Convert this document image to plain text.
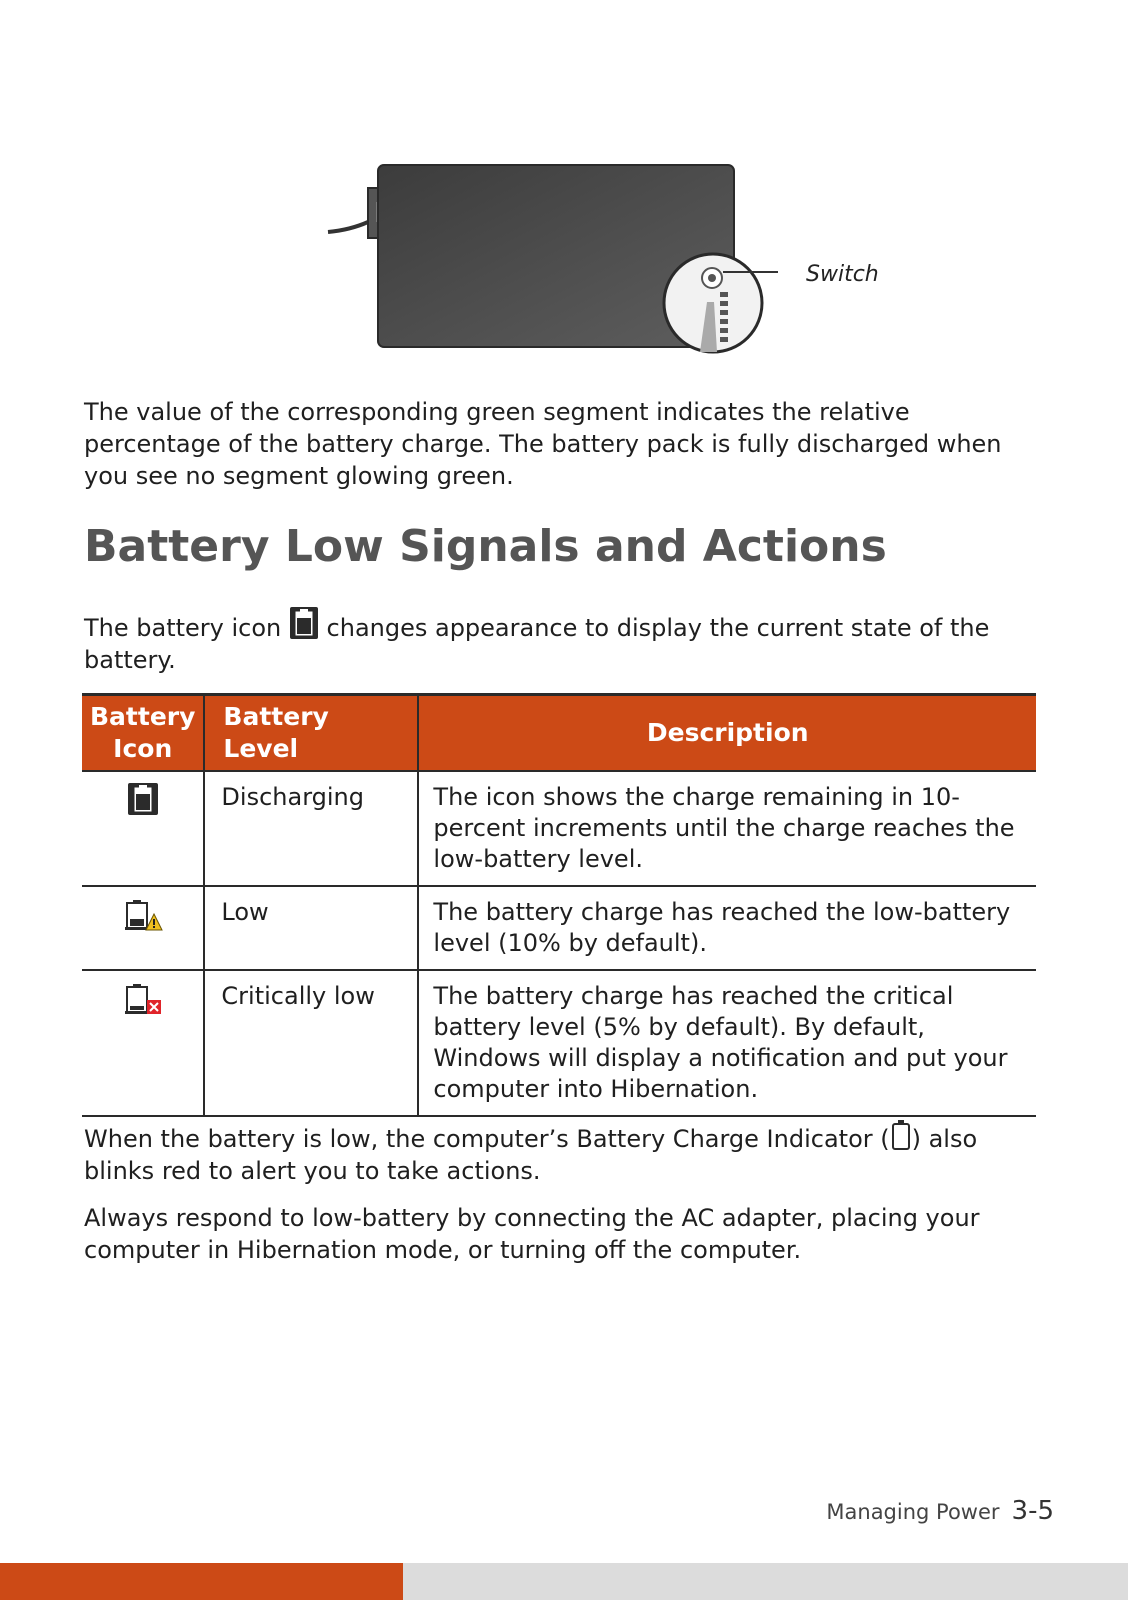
Switch

The value of the corresponding green segment indicates the relative percentage of the battery charge. The battery pack is fully discharged when you see no segment glowing green.

Battery Low Signals and Actions

The battery icon changes appearance to display the current state of the battery.

Battery Icon	Battery Level	Description
	Discharging	The icon shows the charge remaining in 10-percent increments until the charge reaches the low-battery level.
	Low	The battery charge has reached the low-battery level (10% by default).
	Critically low	The battery charge has reached the critical battery level (5% by default). By default, Windows will display a notification and put your computer into Hibernation.

When the battery is low, the computer’s Battery Charge Indicator ( ) also blinks red to alert you to take actions.

Always respond to low-battery by connecting the AC adapter, placing your computer in Hibernation mode, or turning off the computer.

Managing Power 3-5
